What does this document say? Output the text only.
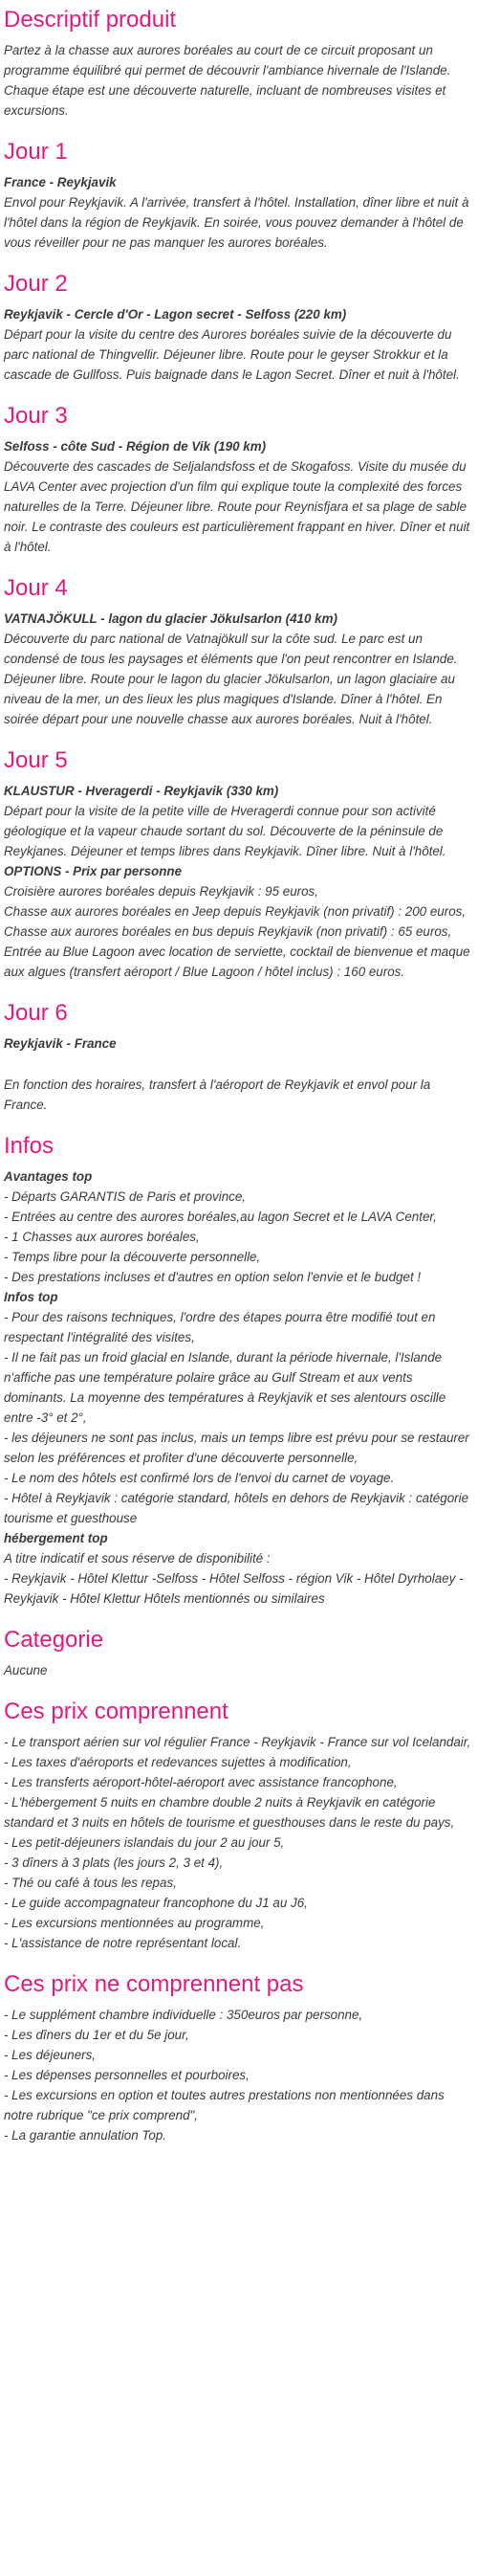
Descriptif produit
Partez à la chasse aux aurores boréales au court de ce circuit proposant un programme équilibré qui permet de découvrir l'ambiance hivernale de l'Islande. Chaque étape est une découverte naturelle, incluant de nombreuses visites et excursions.
Jour 1
France - Reykjavik
Envol pour Reykjavik. A l'arrivée, transfert à l'hôtel. Installation, dîner libre et nuit à l'hôtel dans la région de Reykjavik. En soirée, vous pouvez demander à l'hôtel de vous réveiller pour ne pas manquer les aurores boréales.
Jour 2
Reykjavik - Cercle d'Or - Lagon secret - Selfoss (220 km)
Départ pour la visite du centre des Aurores boréales suivie de la découverte du parc national de Thingvellir. Déjeuner libre. Route pour le geyser Strokkur et la cascade de Gullfoss. Puis baignade dans le Lagon Secret. Dîner et nuit à l'hôtel.
Jour 3
Selfoss - côte Sud - Région de Vik (190 km)
Découverte des cascades de Seljalandsfoss et de Skogafoss. Visite du musée du LAVA Center avec projection d'un film qui explique toute la complexité des forces naturelles de la Terre. Déjeuner libre. Route pour Reynisfjara et sa plage de sable noir. Le contraste des couleurs est particulièrement frappant en hiver. Dîner et nuit à l'hôtel.
Jour 4
VATNAJÖKULL - lagon du glacier Jökulsarlon (410 km)
Découverte du parc national de Vatnajökull sur la côte sud. Le parc est un condensé de tous les paysages et éléments que l'on peut rencontrer en Islande. Déjeuner libre. Route pour le lagon du glacier Jökulsarlon, un lagon glaciaire au niveau de la mer, un des lieux les plus magiques d'Islande. Dîner à l'hôtel. En soirée départ pour une nouvelle chasse aux aurores boréales. Nuit à l'hôtel.
Jour 5
KLAUSTUR - Hveragerdi - Reykjavik (330 km)
Départ pour la visite de la petite ville de Hveragerdi connue pour son activité géologique et la vapeur chaude sortant du sol. Découverte de la péninsule de Reykjanes. Déjeuner et temps libres dans Reykjavik. Dîner libre. Nuit à l'hôtel.
OPTIONS - Prix par personne
Croisière aurores boréales depuis Reykjavik : 95 euros,
Chasse aux aurores boréales en Jeep depuis Reykjavik (non privatif) : 200 euros,
Chasse aux aurores boréales en bus depuis Reykjavik (non privatif) : 65 euros,
Entrée au Blue Lagoon avec location de serviette, cocktail de bienvenue et maque aux algues (transfert aéroport / Blue Lagoon / hôtel inclus) : 160 euros.
Jour 6
Reykjavik - France
En fonction des horaires, transfert à l'aéroport de Reykjavik et envol pour la France.
Infos
Avantages top
- Départs GARANTIS de Paris et province,
- Entrées au centre des aurores boréales,au lagon Secret et le LAVA Center,
- 1 Chasses aux aurores boréales,
- Temps libre pour la découverte personnelle,
- Des prestations incluses et d'autres en option selon l'envie et le budget !
Infos top
- Pour des raisons techniques, l'ordre des étapes pourra être modifié tout en respectant l'intégralité des visites,
- Il ne fait pas un froid glacial en Islande, durant la période hivernale, l'Islande n'affiche pas une température polaire grâce au Gulf Stream et aux vents dominants. La moyenne des températures à Reykjavik et ses alentours oscille entre -3° et 2°,
- les déjeuners ne sont pas inclus, mais un temps libre est prévu pour se restaurer selon les préférences et profiter d'une découverte personnelle,
- Le nom des hôtels est confirmé lors de l'envoi du carnet de voyage.
- Hôtel à Reykjavik : catégorie standard, hôtels en dehors de Reykjavik : catégorie tourisme et guesthouse
hébergement top
A titre indicatif et sous réserve de disponibilité :
- Reykjavik - Hôtel Klettur -Selfoss - Hôtel Selfoss - région Vik - Hôtel Dyrholaey - Reykjavik - Hôtel Klettur Hôtels mentionnés ou similaires
Categorie
Aucune
Ces prix comprennent
- Le transport aérien sur vol régulier France - Reykjavik - France sur vol Icelandair,
- Les taxes d'aéroports et redevances sujettes à modification,
- Les transferts aéroport-hôtel-aéroport avec assistance francophone,
- L'hébergement 5 nuits en chambre double 2 nuits à Reykjavik en catégorie standard et 3 nuits en hôtels de tourisme et guesthouses dans le reste du pays,
- Les petit-déjeuners islandais du jour 2 au jour 5,
- 3 dîners à 3 plats (les jours 2, 3 et 4),
- Thé ou café à tous les repas,
- Le guide accompagnateur francophone du J1 au J6,
- Les excursions mentionnées au programme,
- L'assistance de notre représentant local.
Ces prix ne comprennent pas
- Le supplément chambre individuelle : 350euros par personne,
- Les dîners du 1er et du 5e jour,
- Les déjeuners,
- Les dépenses personnelles et pourboires,
- Les excursions en option et toutes autres prestations non mentionnées dans notre rubrique "ce prix comprend",
- La garantie annulation Top.
